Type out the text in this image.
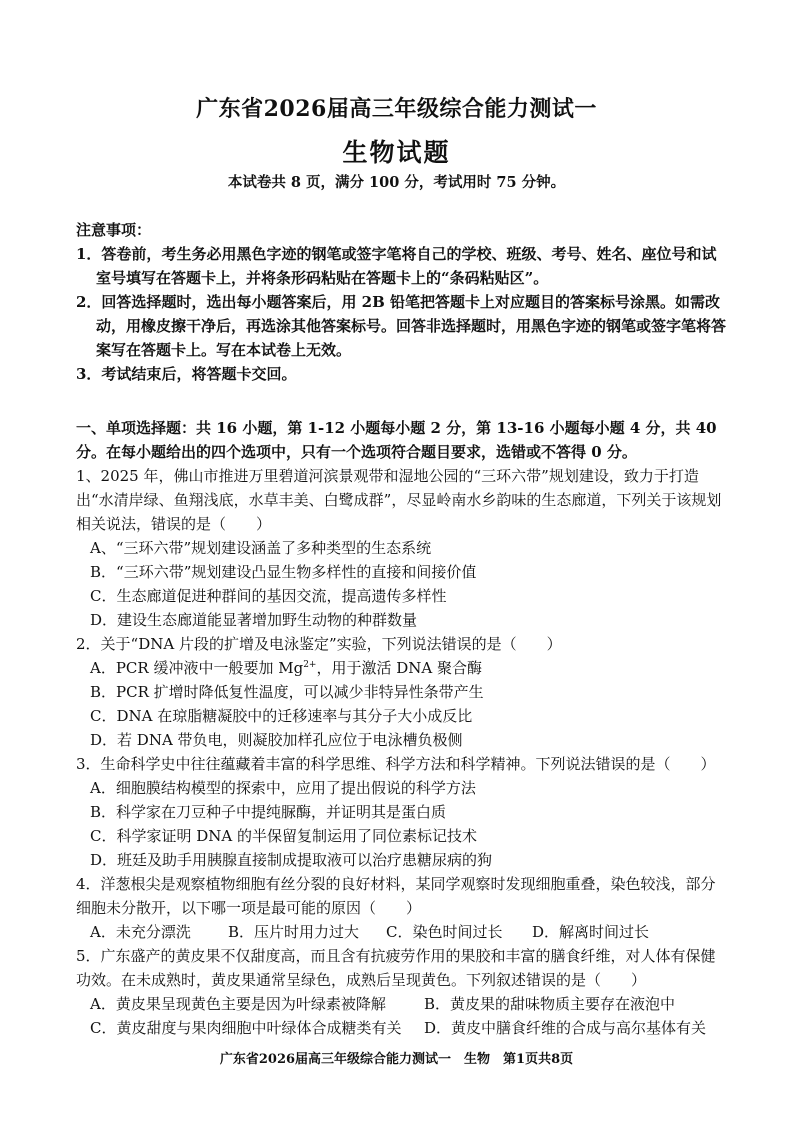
广东省2026届高三年级综合能力测试一
生物试题
本试卷共 8 页，满分 100 分，考试用时 75 分钟。
注意事项：
1．答卷前，考生务必用黑色字迹的钢笔或签字笔将自己的学校、班级、考号、姓名、座位号和试室号填写在答题卡上，并将条形码粘贴在答题卡上的“条码粘贴区”。
2．回答选择题时，选出每小题答案后，用 2B 铅笔把答题卡上对应题目的答案标号涂黑。如需改动，用橡皮擦干净后，再选涂其他答案标号。回答非选择题时，用黑色字迹的钢笔或签字笔将答案写在答题卡上。写在本试卷上无效。
3．考试结束后，将答题卡交回。
一、单项选择题：共 16 小题，第 1-12 小题每小题 2 分，第 13-16 小题每小题 4 分，共 40 分。在每小题给出的四个选项中，只有一个选项符合题目要求，选错或不答得 0 分。
1、2025 年，佛山市推进万里碧道河滨景观带和湿地公园的“三环六带”规划建设，致力于打造出“水清岸绿、鱼翔浅底，水草丰美、白鹭成群”，尽显岭南水乡韵味的生态廊道，下列关于该规划相关说法，错误的是（　　）
A、“三环六带”规划建设涵盖了多种类型的生态系统
B．“三环六带”规划建设凸显生物多样性的直接和间接价值
C．生态廊道促进种群间的基因交流，提高遗传多样性
D．建设生态廊道能显著增加野生动物的种群数量
2．关于“DNA 片段的扩增及电泳鉴定”实验，下列说法错误的是（　　）
A．PCR 缓冲液中一般要加 $Mg^{2+}$，用于激活 DNA 聚合酶
B．PCR 扩增时降低复性温度，可以减少非特异性条带产生
C．DNA 在琼脂糖凝胶中的迁移速率与其分子大小成反比
D．若 DNA 带负电，则凝胶加样孔应位于电泳槽负极侧
3．生命科学史中往往蕴藏着丰富的科学思维、科学方法和科学精神。下列说法错误的是（　　）
A．细胞膜结构模型的探索中，应用了提出假说的科学方法
B．科学家在刀豆种子中提纯脲酶，并证明其是蛋白质
C．科学家证明 DNA 的半保留复制运用了同位素标记技术
D．班廷及助手用胰腺直接制成提取液可以治疗患糖尿病的狗
4．洋葱根尖是观察植物细胞有丝分裂的良好材料，某同学观察时发现细胞重叠，染色较浅，部分细胞未分散开，以下哪一项是最可能的原因（　　）
A．未充分漂洗	B．压片时用力过大	C．染色时间过长	D．解离时间过长
5．广东盛产的黄皮果不仅甜度高，而且含有抗疲劳作用的果胶和丰富的膳食纤维，对人体有保健功效。在未成熟时，黄皮果通常呈绿色，成熟后呈现黄色。下列叙述错误的是（　　）
A．黄皮果呈现黄色主要是因为叶绿素被降解	B．黄皮果的甜味物质主要存在液泡中
C．黄皮甜度与果肉细胞中叶绿体合成糖类有关	D．黄皮中膳食纤维的合成与高尔基体有关
广东省2026届高三年级综合能力测试一　生物　第1页共8页
